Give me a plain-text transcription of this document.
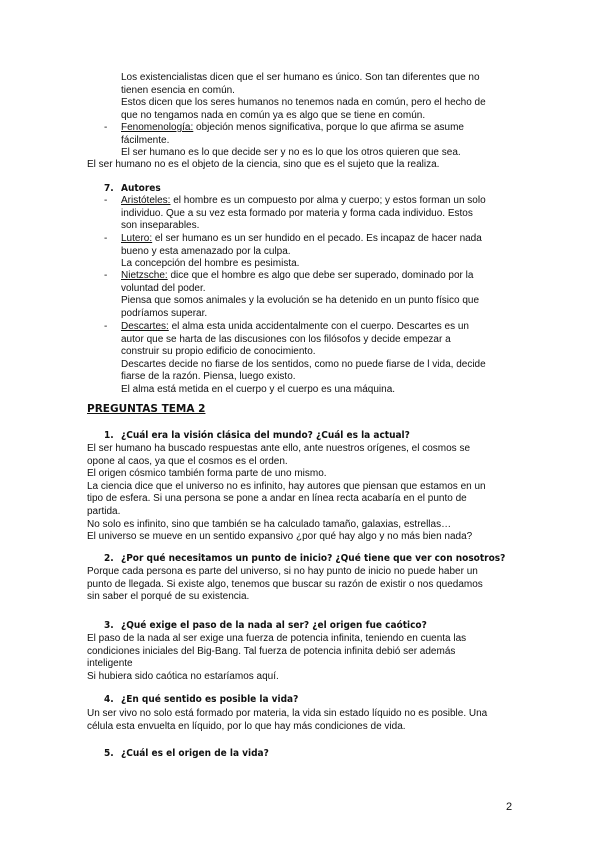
Los existencialistas dicen que el ser humano es único. Son tan diferentes que no

tienen esencia en común.

Estos dicen que los seres humanos no tenemos nada en común, pero el hecho de

que no tengamos nada en común ya es algo que se tiene en común.

- Fenomenología: objeción menos significativa, porque lo que afirma se asume

fácilmente.

El ser humano es lo que decide ser y no es lo que los otros quieren que sea.

El ser humano no es el objeto de la ciencia, sino que es el sujeto que la realiza.
7. Autores
- Aristóteles: el hombre es un compuesto por alma y cuerpo; y estos forman un solo

individuo. Que a su vez esta formado por materia y forma cada individuo. Estos

son inseparables.

- Lutero: el ser humano es un ser hundido en el pecado. Es incapaz de hacer nada

bueno y esta amenazado por la culpa.

La concepción del hombre es pesimista.

- Nietzsche: dice que el hombre es algo que debe ser superado, dominado por la

voluntad del poder.

Piensa que somos animales y la evolución se ha detenido en un punto físico que

podríamos superar.

- Descartes: el alma esta unida accidentalmente con el cuerpo. Descartes es un

autor que se harta de las discusiones con los filósofos y decide empezar a

construir su propio edificio de conocimiento.

Descartes decide no fiarse de los sentidos, como no puede fiarse de l vida, decide

fiarse de la razón. Piensa, luego existo.

El alma está metida en el cuerpo y el cuerpo es una máquina.

PREGUNTAS TEMA 2
1. ¿Cuál era la visión clásica del mundo? ¿Cuál es la actual?

El ser humano ha buscado respuestas ante ello, ante nuestros orígenes, el cosmos se

opone al caos, ya que el cosmos es el orden.

El origen cósmico también forma parte de uno mismo.

La ciencia dice que el universo no es infinito, hay autores que piensan que estamos en un

tipo de esfera. Si una persona se pone a andar en línea recta acabaría en el punto de

partida.

No solo es infinito, sino que también se ha calculado tamaño, galaxias, estrellas…

El universo se mueve en un sentido expansivo ¿por qué hay algo y no más bien nada?

2. ¿Por qué necesitamos un punto de inicio? ¿Qué tiene que ver con nosotros?

Porque cada persona es parte del universo, si no hay punto de inicio no puede haber un

punto de llegada. Si existe algo, tenemos que buscar su razón de existir o nos quedamos

sin saber el porqué de su existencia.

3. ¿Qué exige el paso de la nada al ser? ¿el origen fue caótico?

El paso de la nada al ser exige una fuerza de potencia infinita, teniendo en cuenta las

condiciones iniciales del Big-Bang. Tal fuerza de potencia infinita debió ser además

inteligente

Si hubiera sido caótica no estaríamos aquí.

4. ¿En qué sentido es posible la vida?

Un ser vivo no solo está formado por materia, la vida sin estado líquido no es posible. Una

célula esta envuelta en líquido, por lo que hay más condiciones de vida.

5. ¿Cuál es el origen de la vida?
2
